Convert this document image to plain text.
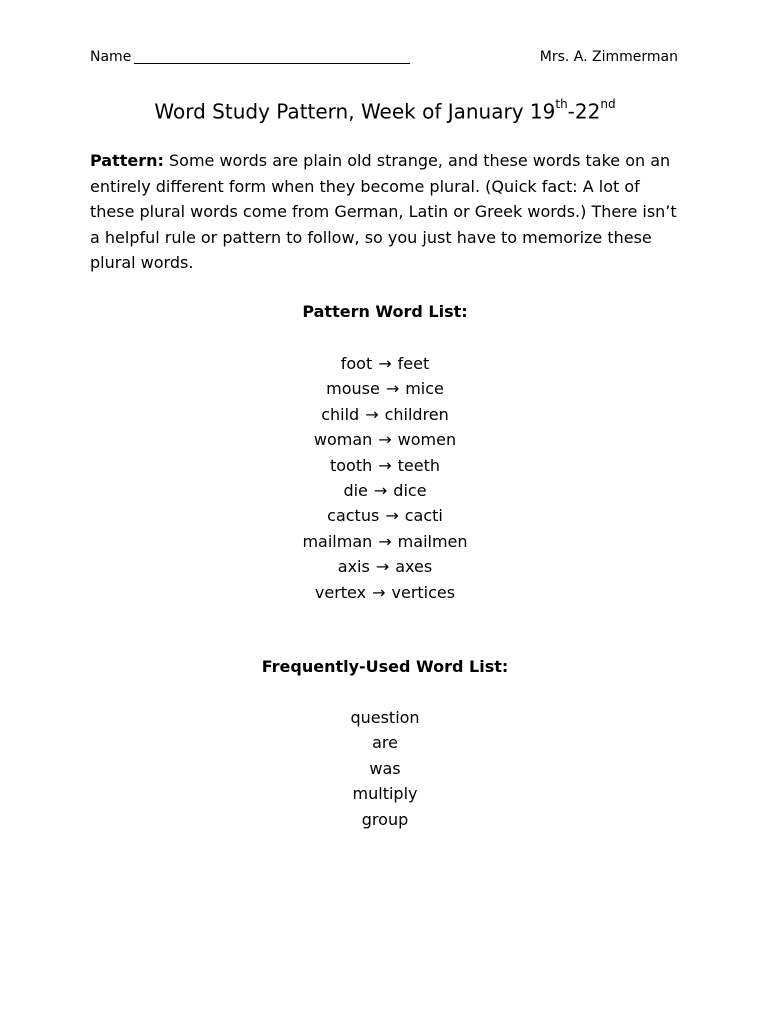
Name	Mrs. A. Zimmerman
Word Study Pattern, Week of January 19th-22nd
Pattern: Some words are plain old strange, and these words take on an entirely different form when they become plural. (Quick fact: A lot of these plural words come from German, Latin or Greek words.) There isn’t a helpful rule or pattern to follow, so you just have to memorize these plural words.
Pattern Word List:
foot → feet
mouse → mice
child → children
woman → women
tooth → teeth
die → dice
cactus → cacti
mailman → mailmen
axis → axes
vertex → vertices
Frequently-Used Word List:
question
are
was
multiply
group
